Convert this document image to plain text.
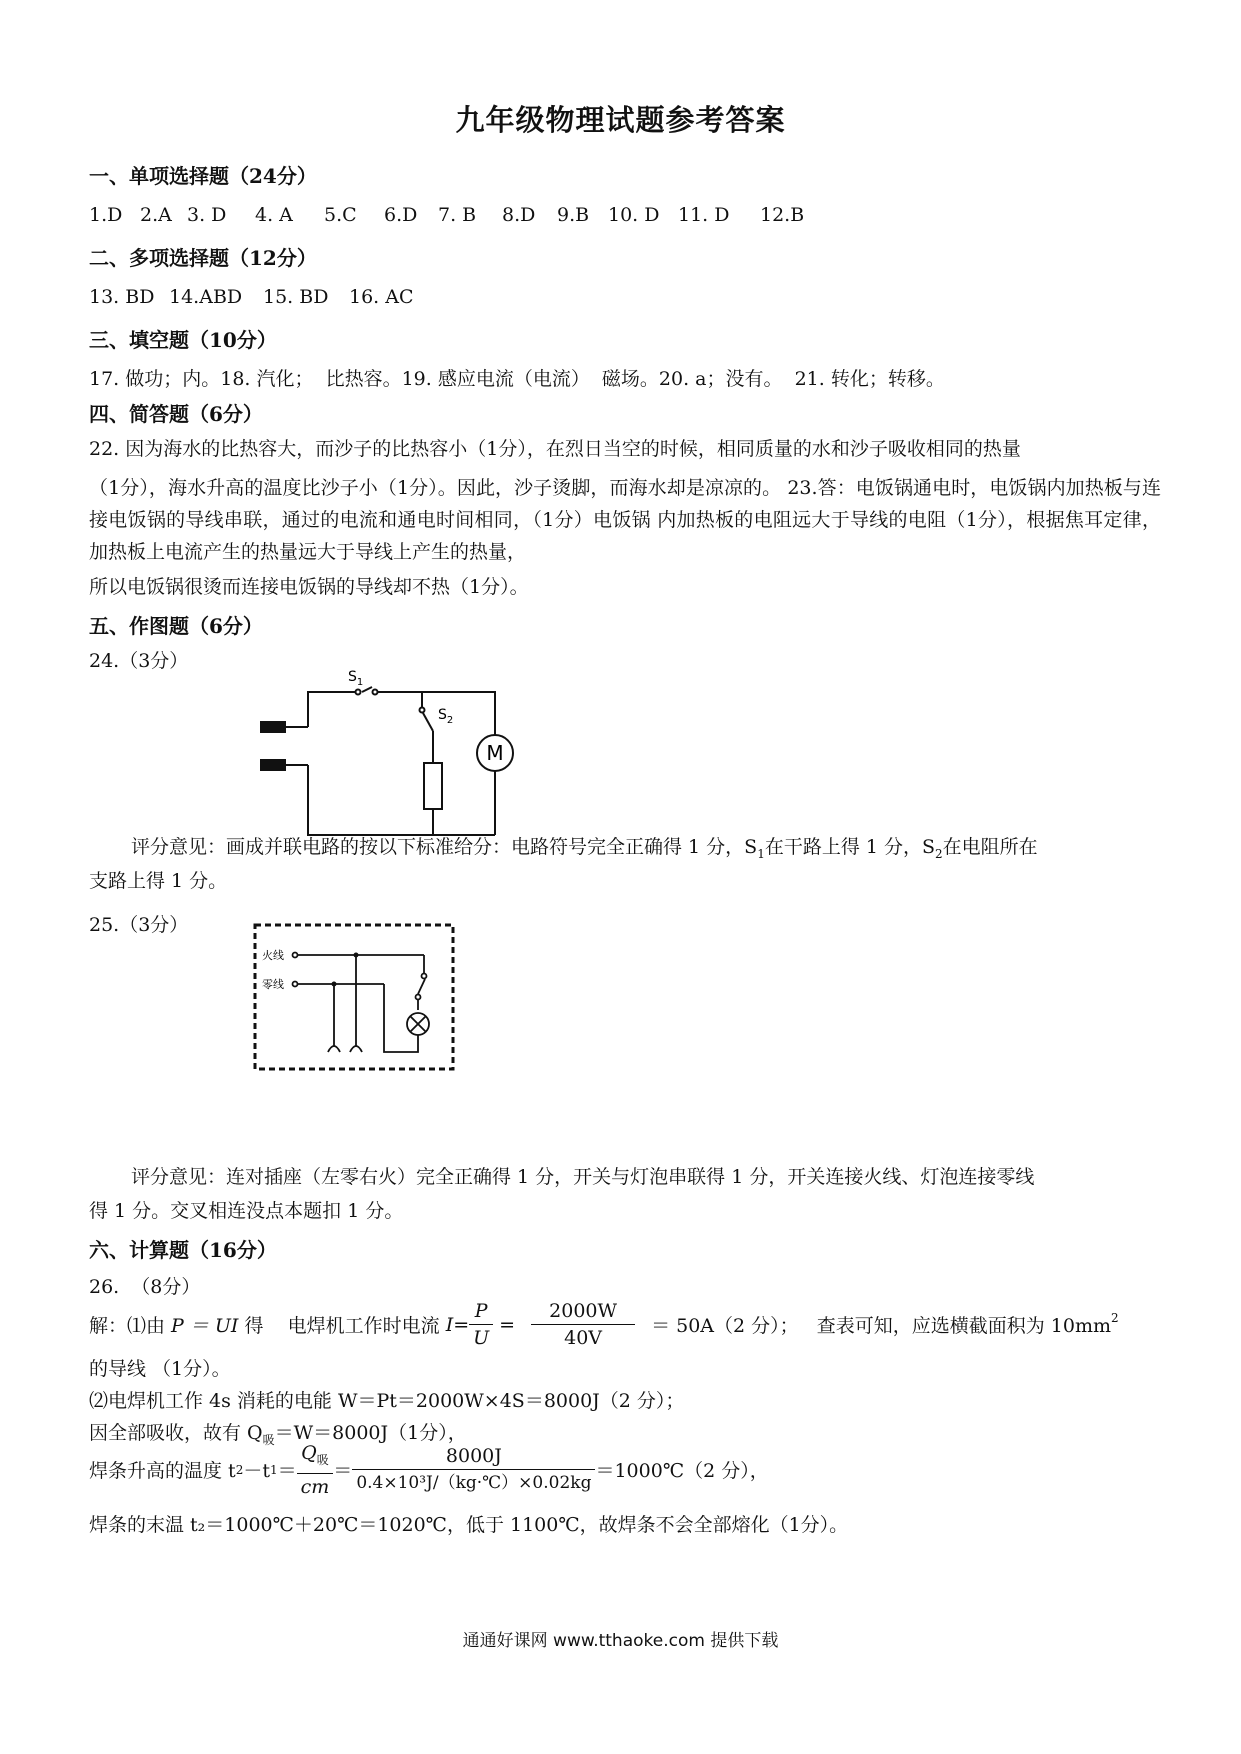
九年级物理试题参考答案
一、单项选择题（24分）
1.D 2.A 3. D	4. A	5.C	6.D	7. B	8.D	9.B 10. D 11. D	12.B
二、多项选择题（12分）
13. BD 14.ABD	15. BD	16. AC
三、填空题（10分）
17. 做功；内。18. 汽化；  比热容。19. 感应电流（电流）  磁场。20. a；没有。  21. 转化；转移。
四、简答题（6分）
22. 因为海水的比热容大，而沙子的比热容小（1分），在烈日当空的时候，相同质量的水和沙子吸收相同的热量
（1分），海水升高的温度比沙子小（1分）。因此，沙子烫脚，而海水却是凉凉的。 23.答：电饭锅通电时，电饭锅内加热板与连接电饭锅的导线串联，通过的电流和通电时间相同，（1分）电饭锅 内加热板的电阻远大于导线的电阻（1分），根据焦耳定律，加热板上电流产生的热量远大于导线上产生的热量，
所以电饭锅很烫而连接电饭锅的导线却不热（1分）。
五、作图题（6分）
24.（3分）
$S_1$
$S_2$
M
评分意见：画成并联电路的按以下标准给分：电路符号完全正确得 1 分，$S_1$在干路上得 1 分，$S_2$在电阻所在
支路上得 1 分。
25.（3分）
火线
零线
评分意见：连对插座（左零右火）完全正确得 1 分，开关与灯泡串联得 1 分，开关连接火线、灯泡连接零线
得 1 分。交叉相连没点本题扣 1 分。
六、计算题（16分）
26.  （8分）
解：⑴由 P ＝ UI 得    电焊机工作时电流 $I = \frac{P}{U} = \frac{2000W}{40V} = 50A(2$ 分）；   查表可知，应选横截面积为 $10mm^2$
的导线 （1分）。
⑵电焊机工作 4s 消耗的电能 W＝Pt＝2000W×4S＝8000J（2 分）；
因全部吸收，故有 $Q_吸=W=8000J(1$分），
焊条升高的温度 t 2 －t $1 = \frac{Q_吸}{cm} = \frac{8000J}{\text{0.4×10³J/（kg·℃）×0.02kg}}$ ＝1000℃（2 分），
焊条的末温 t₂＝1000℃＋20℃＝1020℃，低于 1100℃，故焊条不会全部熔化（1分）。
通通好课网 www.tthaoke.com 提供下载
